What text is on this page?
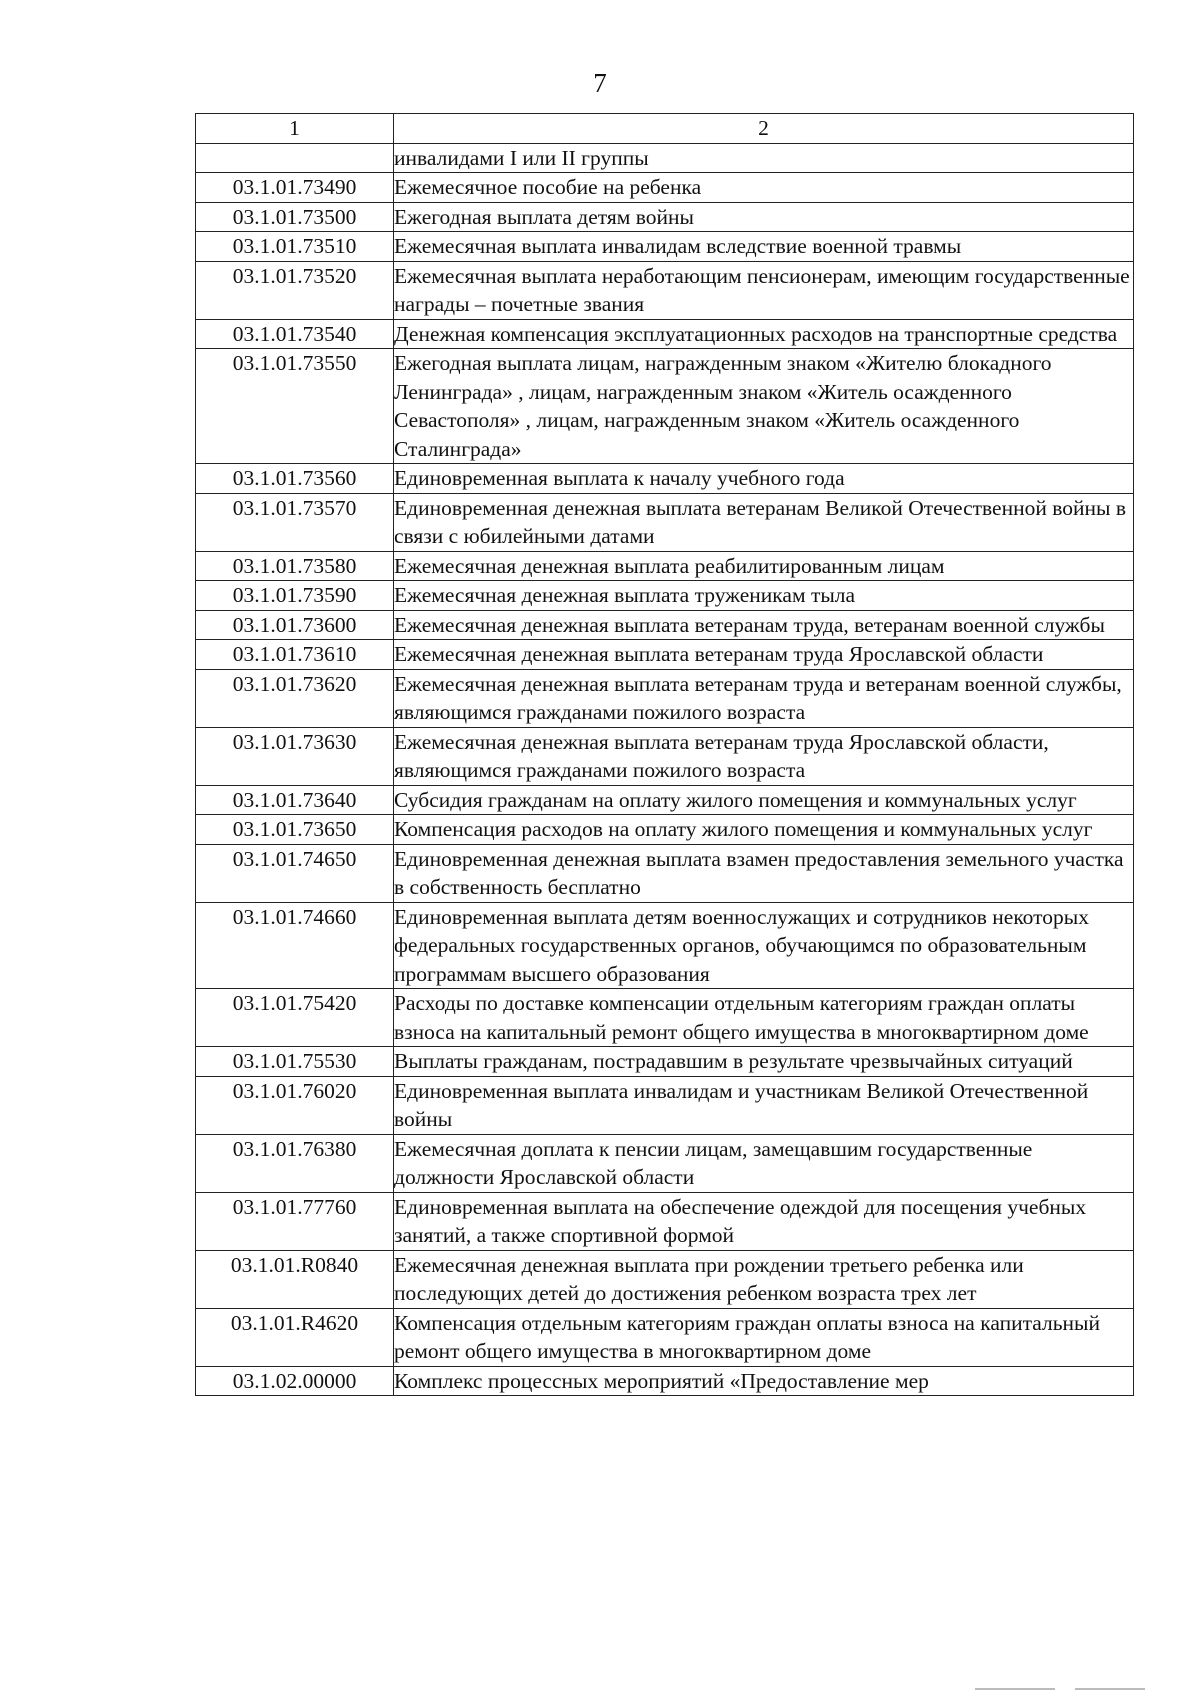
7
1	2
	инвалидами I или II группы
03.1.01.73490	Ежемесячное пособие на ребенка
03.1.01.73500	Ежегодная выплата детям войны
03.1.01.73510	Ежемесячная выплата инвалидам вследствие военной травмы
03.1.01.73520	Ежемесячная выплата неработающим пенсионерам, имеющим государственные награды – почетные звания
03.1.01.73540	Денежная компенсация эксплуатационных расходов на транспортные средства
03.1.01.73550	Ежегодная выплата лицам, награжденным знаком «Жителю блокадного Ленинграда» , лицам, награжденным знаком «Житель осажденного Севастополя» , лицам, награжденным знаком «Житель осажденного Сталинграда»
03.1.01.73560	Единовременная выплата к началу учебного года
03.1.01.73570	Единовременная денежная выплата ветеранам Великой Отечественной войны в связи с юбилейными датами
03.1.01.73580	Ежемесячная денежная выплата реабилитированным лицам
03.1.01.73590	Ежемесячная денежная выплата труженикам тыла
03.1.01.73600	Ежемесячная денежная выплата ветеранам труда, ветеранам военной службы
03.1.01.73610	Ежемесячная денежная выплата ветеранам труда Ярославской области
03.1.01.73620	Ежемесячная денежная выплата ветеранам труда и ветеранам военной службы, являющимся гражданами пожилого возраста
03.1.01.73630	Ежемесячная денежная выплата ветеранам труда Ярославской области, являющимся гражданами пожилого возраста
03.1.01.73640	Субсидия гражданам на оплату жилого помещения и коммунальных услуг
03.1.01.73650	Компенсация расходов на оплату жилого помещения и коммунальных услуг
03.1.01.74650	Единовременная денежная выплата взамен предоставления земельного участка в собственность бесплатно
03.1.01.74660	Единовременная выплата детям военнослужащих и сотрудников некоторых федеральных государственных органов, обучающимся по образовательным программам высшего образования
03.1.01.75420	Расходы по доставке компенсации отдельным категориям граждан оплаты взноса на капитальный ремонт общего имущества в многоквартирном доме
03.1.01.75530	Выплаты гражданам, пострадавшим в результате чрезвычайных ситуаций
03.1.01.76020	Единовременная выплата инвалидам и участникам Великой Отечественной войны
03.1.01.76380	Ежемесячная доплата к пенсии лицам, замещавшим государственные должности Ярославской области
03.1.01.77760	Единовременная выплата на обеспечение одеждой для посещения учебных занятий, а также спортивной формой
03.1.01.R0840	Ежемесячная денежная выплата при рождении третьего ребенка или последующих детей до достижения ребенком возраста трех лет
03.1.01.R4620	Компенсация отдельным категориям граждан оплаты взноса на капитальный ремонт общего имущества в многоквартирном доме
03.1.02.00000	Комплекс процессных мероприятий «Предоставление мер
